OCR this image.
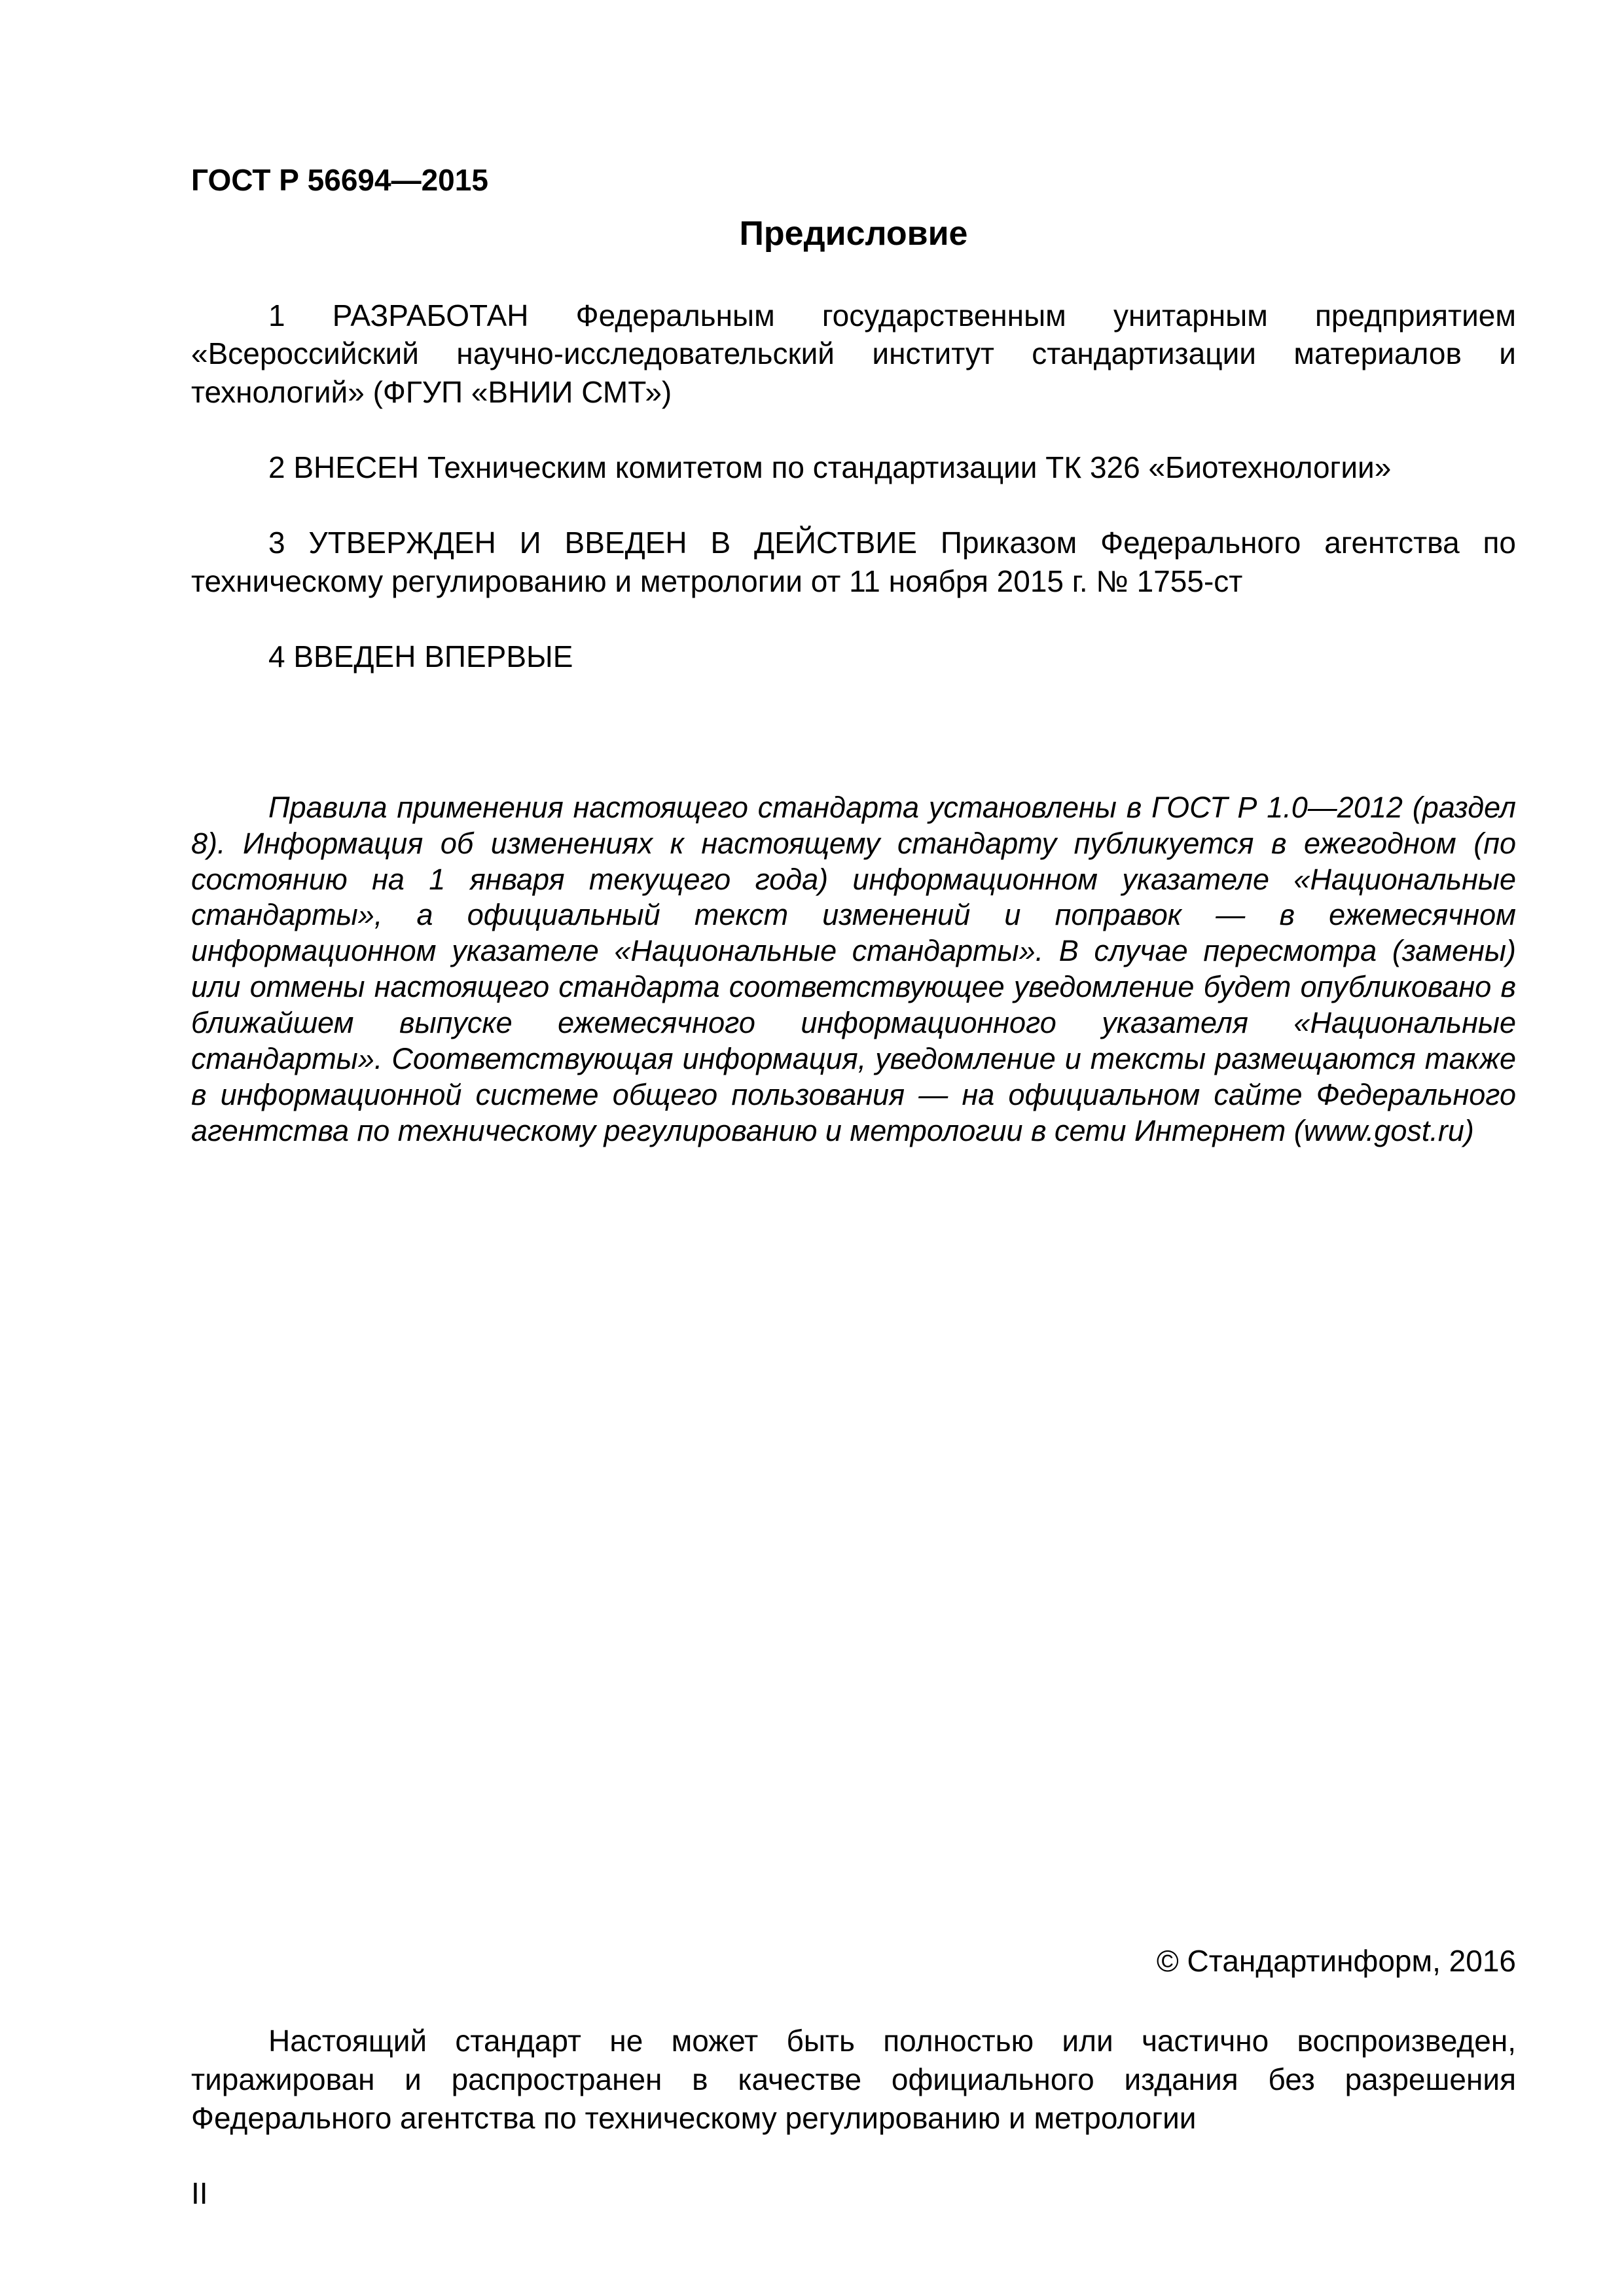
ГОСТ Р 56694—2015
Предисловие

1 РАЗРАБОТАН Федеральным государственным унитарным предприятием «Всероссийский научно-исследовательский институт стандартизации материалов и технологий» (ФГУП «ВНИИ СМТ»)

2 ВНЕСЕН Техническим комитетом по стандартизации ТК 326 «Биотехнологии»

3 УТВЕРЖДЕН И ВВЕДЕН В ДЕЙСТВИЕ Приказом Федерального агентства по техническому регулированию и метрологии от 11 ноября 2015 г. № 1755-ст

4 ВВЕДЕН ВПЕРВЫЕ

Правила применения настоящего стандарта установлены в ГОСТ Р 1.0—2012 (раздел 8). Информация об изменениях к настоящему стандарту публикуется в ежегодном (по состоянию на 1 января текущего года) информационном указателе «Национальные стандарты», а официальный текст изменений и поправок — в ежемесячном информационном указателе «Национальные стандарты». В случае пересмотра (замены) или отмены настоящего стандарта соответствующее уведомление будет опубликовано в ближайшем выпуске ежемесячного информационного указателя «Национальные стандарты». Соответствующая информация, уведомление и тексты размещаются также в информационной системе общего пользования — на официальном сайте Федерального агентства по техническому регулированию и метрологии в сети Интернет (www.gost.ru)

© Стандартинформ, 2016

Настоящий стандарт не может быть полностью или частично воспроизведен, тиражирован и распространен в качестве официального издания без разрешения Федерального агентства по техническому регулированию и метрологии

II
